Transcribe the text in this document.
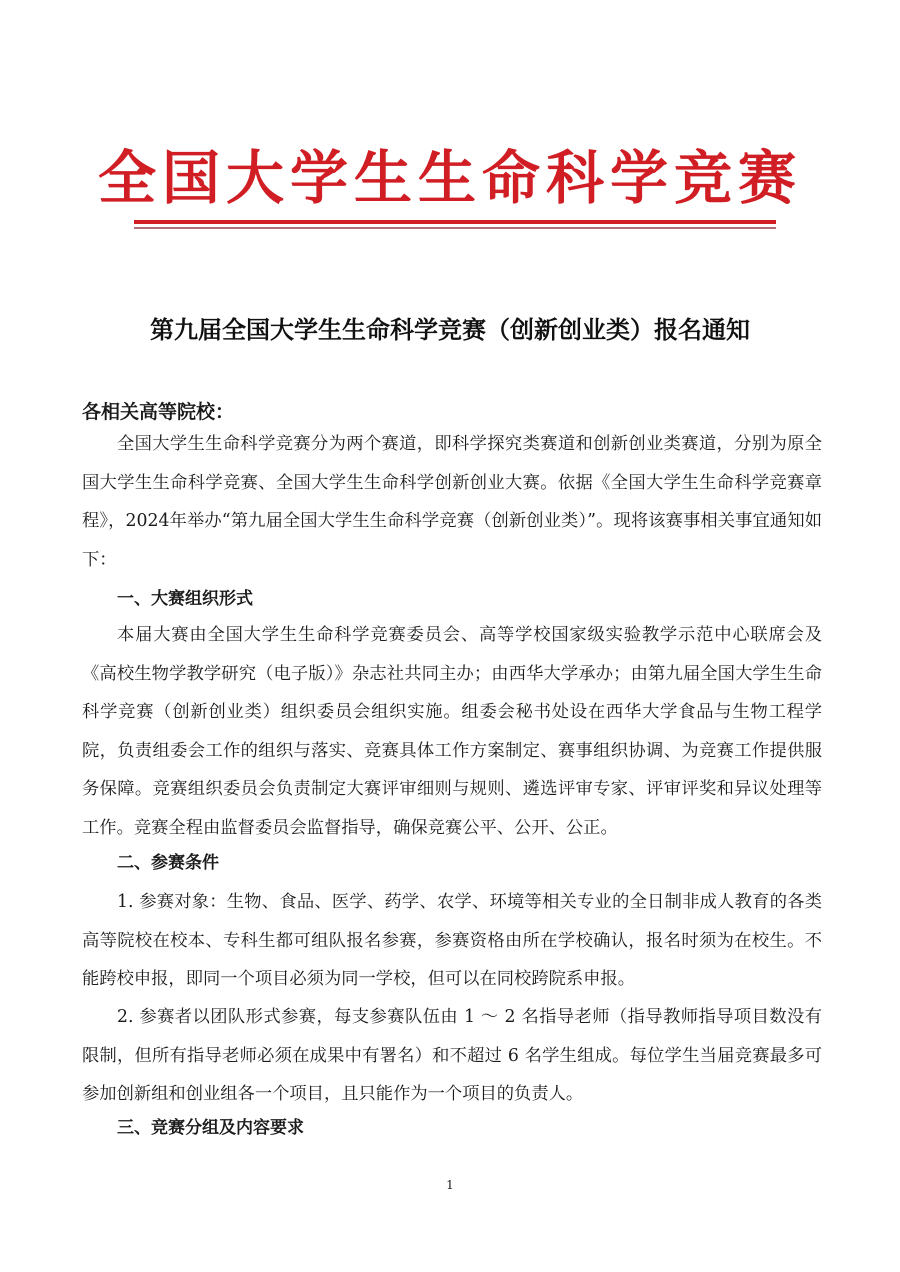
全国大学生生命科学竞赛
第九届全国大学生生命科学竞赛（创新创业类）报名通知
各相关高等院校：

全国大学生生命科学竞赛分为两个赛道，即科学探究类赛道和创新创业类赛道，分别为原全国大学生生命科学竞赛、全国大学生生命科学创新创业大赛。依据《全国大学生生命科学竞赛章程》，2024年举办“第九届全国大学生生命科学竞赛（创新创业类）”。现将该赛事相关事宜通知如下：

一、大赛组织形式

本届大赛由全国大学生生命科学竞赛委员会、高等学校国家级实验教学示范中心联席会及《高校生物学教学研究（电子版）》杂志社共同主办；由西华大学承办；由第九届全国大学生生命科学竞赛（创新创业类）组织委员会组织实施。组委会秘书处设在西华大学食品与生物工程学院，负责组委会工作的组织与落实、竞赛具体工作方案制定、赛事组织协调、为竞赛工作提供服务保障。竞赛组织委员会负责制定大赛评审细则与规则、遴选评审专家、评审评奖和异议处理等工作。竞赛全程由监督委员会监督指导，确保竞赛公平、公开、公正。

二、参赛条件

1. 参赛对象：生物、食品、医学、药学、农学、环境等相关专业的全日制非成人教育的各类高等院校在校本、专科生都可组队报名参赛，参赛资格由所在学校确认，报名时须为在校生。不能跨校申报，即同一个项目必须为同一学校，但可以在同校跨院系申报。

2. 参赛者以团队形式参赛，每支参赛队伍由 1 ～ 2 名指导老师（指导教师指导项目数没有限制，但所有指导老师必须在成果中有署名）和不超过 6 名学生组成。每位学生当届竞赛最多可参加创新组和创业组各一个项目，且只能作为一个项目的负责人。

三、竞赛分组及内容要求
1
